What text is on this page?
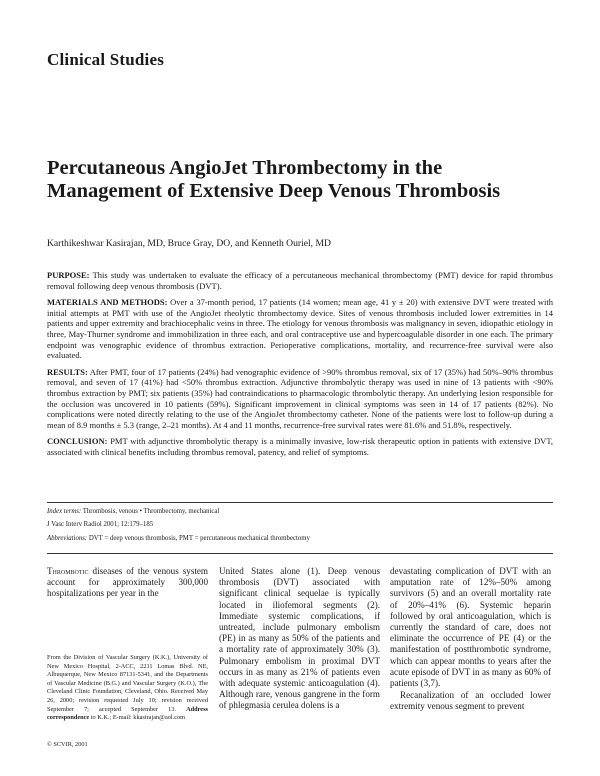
Clinical Studies
Percutaneous AngioJet Thrombectomy in the Management of Extensive Deep Venous Thrombosis
Karthikeshwar Kasirajan, MD, Bruce Gray, DO, and Kenneth Ouriel, MD

PURPOSE: This study was undertaken to evaluate the efficacy of a percutaneous mechanical thrombectomy (PMT) device for rapid thrombus removal following deep venous thrombosis (DVT).

MATERIALS AND METHODS: Over a 37-month period, 17 patients (14 women; mean age, 41 y ± 20) with extensive DVT were treated with initial attempts at PMT with use of the AngioJet rheolytic thrombectomy device. Sites of venous thrombosis included lower extremities in 14 patients and upper extremity and brachiocephalic veins in three. The etiology for venous thrombosis was malignancy in seven, idiopathic etiology in three, May-Thurner syndrome and immobilization in three each, and oral contraceptive use and hypercoagulable disorder in one each. The primary endpoint was venographic evidence of thrombus extraction. Perioperative complications, mortality, and recurrence-free survival were also evaluated.

RESULTS: After PMT, four of 17 patients (24%) had venographic evidence of >90% thrombus removal, six of 17 (35%) had 50%–90% thrombus removal, and seven of 17 (41%) had <50% thrombus extraction. Adjunctive thrombolytic therapy was used in nine of 13 patients with <90% thrombus extraction by PMT; six patients (35%) had contraindications to pharmacologic thrombolytic therapy. An underlying lesion responsible for the occlusion was uncovered in 10 patients (59%). Significant improvement in clinical symptoms was seen in 14 of 17 patients (82%). No complications were noted directly relating to the use of the AngioJet thrombectomy catheter. None of the patients were lost to follow-up during a mean of 8.9 months ± 5.3 (range, 2–21 months). At 4 and 11 months, recurrence-free survival rates were 81.6% and 51.8%, respectively.

CONCLUSION: PMT with adjunctive thrombolytic therapy is a minimally invasive, low-risk therapeutic option in patients with extensive DVT, associated with clinical benefits including thrombus removal, patency, and relief of symptoms.

Index terms: Thrombosis, venous • Thrombectomy, mechanical
J Vasc Interv Radiol 2001; 12:179–185
Abbreviations: DVT = deep venous thrombosis, PMT = percutaneous mechanical thrombectomy

Thrombotic diseases of the venous system account for approximately 300,000 hospitalizations per year in the

From the Division of Vascular Surgery (K.K.), University of New Mexico Hospital, 2-ACC, 2211 Lomas Blvd. NE, Albuquerque, New Mexico 87131-5341, and the Departments of Vascular Medicine (B.G.) and Vascular Surgery (K.O.), The Cleveland Clinic Foundation, Cleveland, Ohio. Received May 26, 2000; revision requested July 10; revision received September 7; accepted September 13. Address correspondence to K.K.; E-mail: kkasirajan@aol.com
© SCVIR, 2001

United States alone (1). Deep venous thrombosis (DVT) associated with significant clinical sequelae is typically located in iliofemoral segments (2). Immediate systemic complications, if untreated, include pulmonary embolism (PE) in as many as 50% of the patients and a mortality rate of approximately 30% (3). Pulmonary embolism in proximal DVT occurs in as many as 21% of patients even with adequate systemic anticoagulation (4). Although rare, venous gangrene in the form of phlegmasia cerulea dolens is a

devastating complication of DVT with an amputation rate of 12%–50% among survivors (5) and an overall mortality rate of 20%–41% (6). Systemic heparin followed by oral anticoagulation, which is currently the standard of care, does not eliminate the occurrence of PE (4) or the manifestation of postthrombotic syndrome, which can appear months to years after the acute episode of DVT in as many as 60% of patients (3,7).

Recanalization of an occluded lower extremity venous segment to prevent
